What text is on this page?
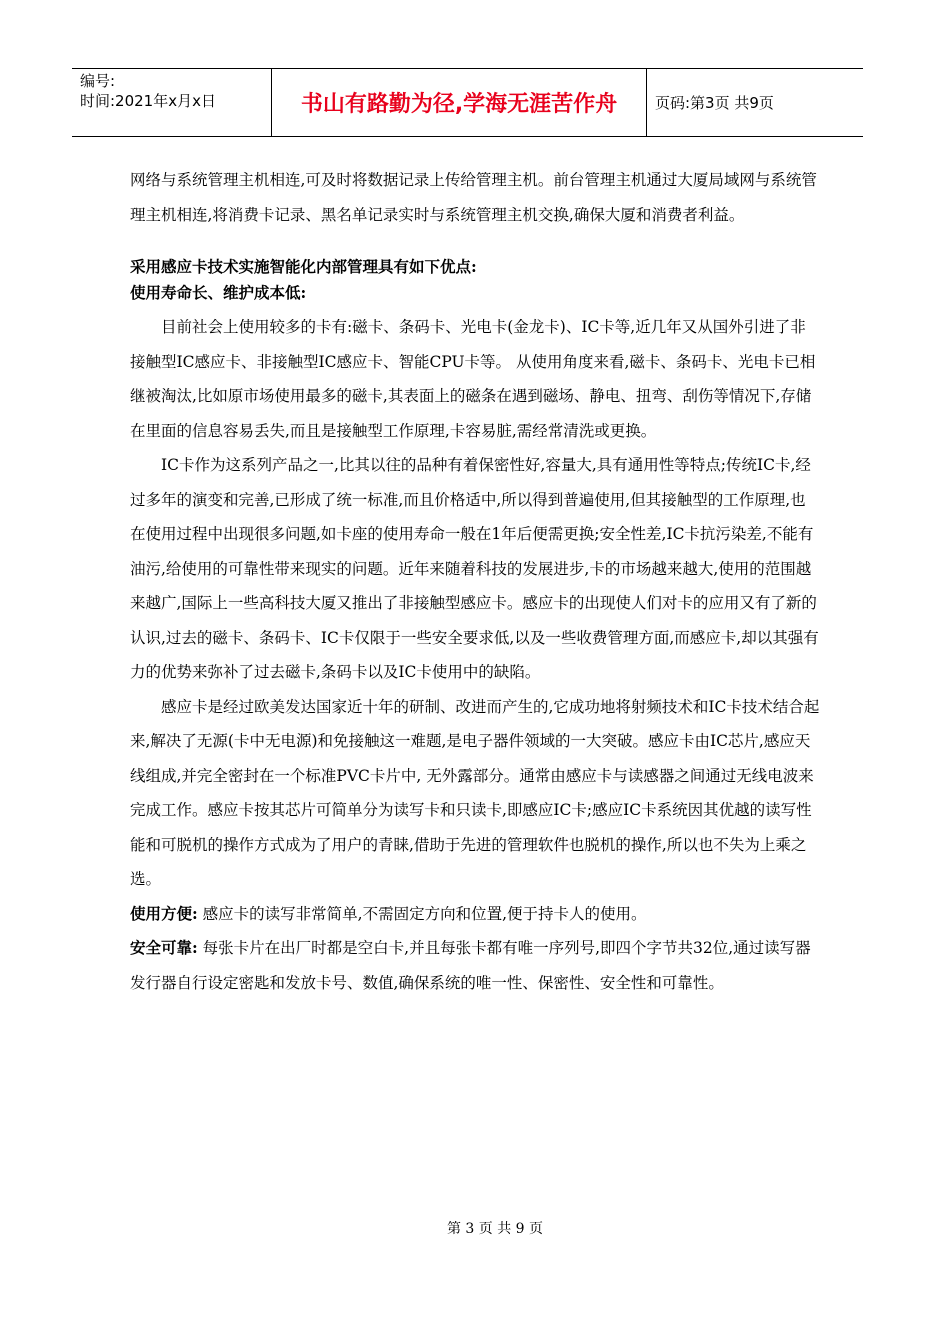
编号:
时间:2021年x月x日	书山有路勤为径,学海无涯苦作舟	页码:第3页 共9页

网络与系统管理主机相连,可及时将数据记录上传给管理主机。前台管理主机通过大厦局域网与系统管理主机相连,将消费卡记录、黑名单记录实时与系统管理主机交换,确保大厦和消费者利益。

采用感应卡技术实施智能化内部管理具有如下优点:

使用寿命长、维护成本低:

目前社会上使用较多的卡有:磁卡、条码卡、光电卡(金龙卡)、IC卡等,近几年又从国外引进了非接触型IC感应卡、非接触型IC感应卡、智能CPU卡等。 从使用角度来看,磁卡、条码卡、光电卡已相继被淘汰,比如原市场使用最多的磁卡,其表面上的磁条在遇到磁场、静电、扭弯、刮伤等情况下,存储在里面的信息容易丢失,而且是接触型工作原理,卡容易脏,需经常清洗或更换。

IC卡作为这系列产品之一,比其以往的品种有着保密性好,容量大,具有通用性等特点;传统IC卡,经过多年的演变和完善,已形成了统一标准,而且价格适中,所以得到普遍使用,但其接触型的工作原理,也在使用过程中出现很多问题,如卡座的使用寿命一般在1年后便需更换;安全性差,IC卡抗污染差,不能有油污,给使用的可靠性带来现实的问题。近年来随着科技的发展进步,卡的市场越来越大,使用的范围越来越广,国际上一些高科技大厦又推出了非接触型感应卡。感应卡的出现使人们对卡的应用又有了新的认识,过去的磁卡、条码卡、IC卡仅限于一些安全要求低,以及一些收费管理方面,而感应卡,却以其强有力的优势来弥补了过去磁卡,条码卡以及IC卡使用中的缺陷。

感应卡是经过欧美发达国家近十年的研制、改进而产生的,它成功地将射频技术和IC卡技术结合起来,解决了无源(卡中无电源)和免接触这一难题,是电子器件领域的一大突破。感应卡由IC芯片,感应天线组成,并完全密封在一个标准PVC卡片中, 无外露部分。通常由感应卡与读感器之间通过无线电波来完成工作。感应卡按其芯片可简单分为读写卡和只读卡,即感应IC卡;感应IC卡系统因其优越的读写性能和可脱机的操作方式成为了用户的青睐,借助于先进的管理软件也脱机的操作,所以也不失为上乘之选。

使用方便: 感应卡的读写非常简单,不需固定方向和位置,便于持卡人的使用。

安全可靠: 每张卡片在出厂时都是空白卡,并且每张卡都有唯一序列号,即四个字节共32位,通过读写器发行器自行设定密匙和发放卡号、数值,确保系统的唯一性、保密性、安全性和可靠性。

第 3 页 共 9 页
